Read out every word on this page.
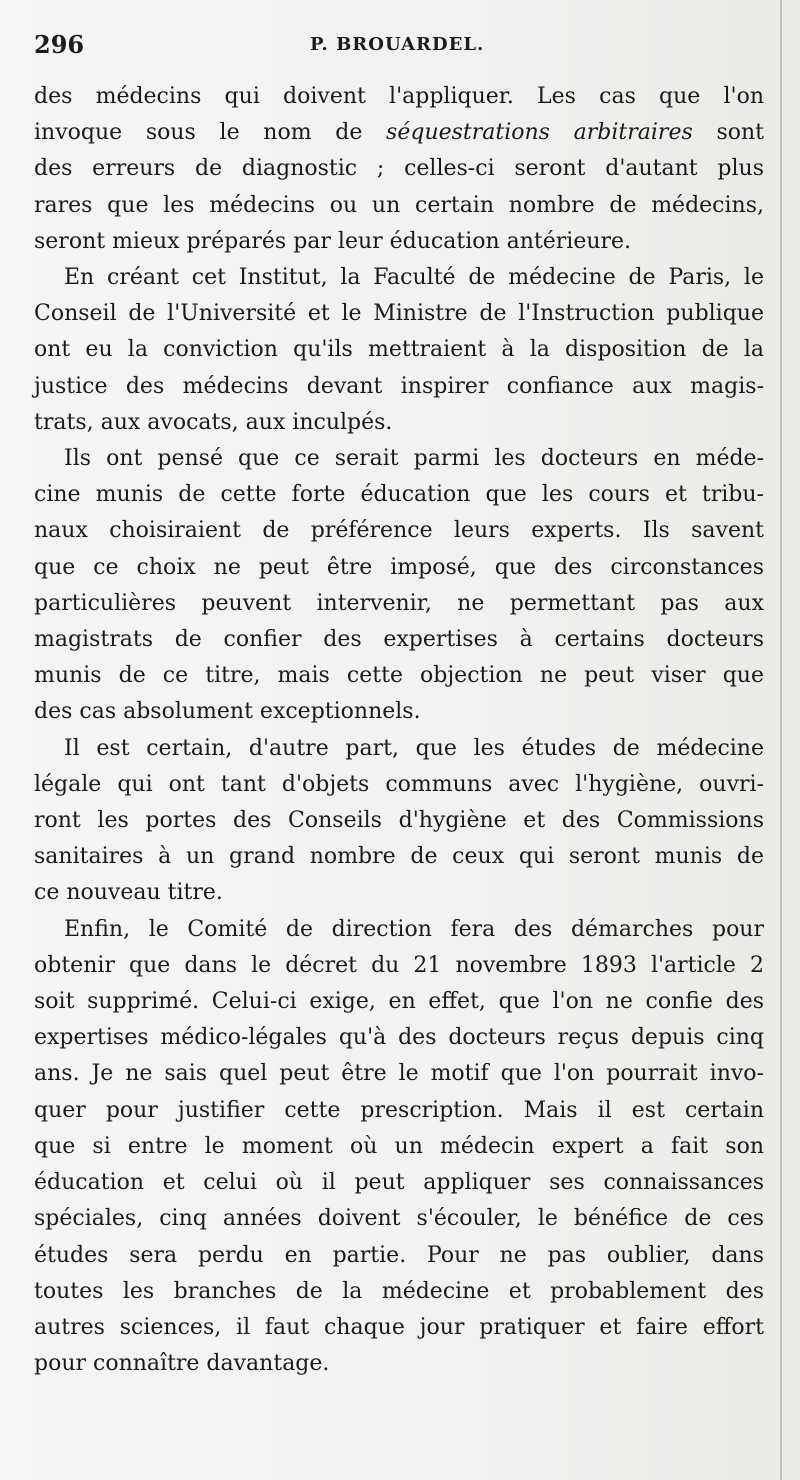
296	P. BROUARDEL.

des médecins qui doivent l'appliquer. Les cas que l'on
invoque sous le nom de séquestrations arbitraires sont
des erreurs de diagnostic ; celles-ci seront d'autant plus
rares que les médecins ou un certain nombre de médecins,
seront mieux préparés par leur éducation antérieure.

En créant cet Institut, la Faculté de médecine de Paris, le
Conseil de l'Université et le Ministre de l'Instruction publique
ont eu la conviction qu'ils mettraient à la disposition de la
justice des médecins devant inspirer confiance aux magis-
trats, aux avocats, aux inculpés.

Ils ont pensé que ce serait parmi les docteurs en méde-
cine munis de cette forte éducation que les cours et tribu-
naux choisiraient de préférence leurs experts. Ils savent
que ce choix ne peut être imposé, que des circonstances
particulières peuvent intervenir, ne permettant pas aux
magistrats de confier des expertises à certains docteurs
munis de ce titre, mais cette objection ne peut viser que
des cas absolument exceptionnels.

Il est certain, d'autre part, que les études de médecine
légale qui ont tant d'objets communs avec l'hygiène, ouvri-
ront les portes des Conseils d'hygiène et des Commissions
sanitaires à un grand nombre de ceux qui seront munis de
ce nouveau titre.

Enfin, le Comité de direction fera des démarches pour
obtenir que dans le décret du 21 novembre 1893 l'article 2
soit supprimé. Celui-ci exige, en effet, que l'on ne confie des
expertises médico-légales qu'à des docteurs reçus depuis cinq
ans. Je ne sais quel peut être le motif que l'on pourrait invo-
quer pour justifier cette prescription. Mais il est certain
que si entre le moment où un médecin expert a fait son
éducation et celui où il peut appliquer ses connaissances
spéciales, cinq années doivent s'écouler, le bénéfice de ces
études sera perdu en partie. Pour ne pas oublier, dans
toutes les branches de la médecine et probablement des
autres sciences, il faut chaque jour pratiquer et faire effort
pour connaître davantage.
